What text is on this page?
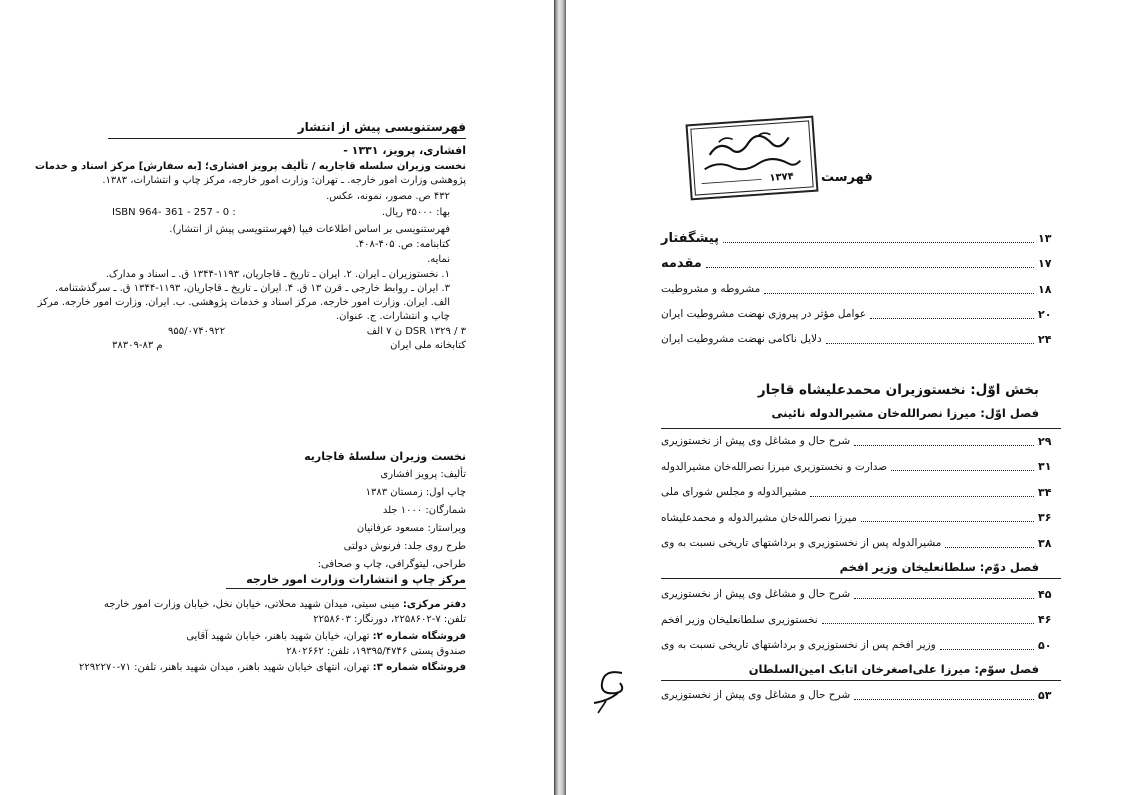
فهرستنویسی پیش از انتشار
افشاری، پرویز، ۱۳۳۱ -
نخست وزیران سلسله قاجاریه / تألیف پرویز افشاری؛ [به سفارش] مرکز اسناد و خدمات
پژوهشی وزارت امور خارجه. ـ تهران: وزارت امور خارجه، مرکز چاپ و انتشارات، ۱۳۸۳.
۴۳۲ ص. مصور، نمونه، عکس.
بها: ۳۵۰۰۰ ریال.
ISBN 964- 361 - 257 - 0 :
فهرستنویسی بر اساس اطلاعات فیپا (فهرستنویسی پیش از انتشار).
کتابنامه: ص. ۴۰۵-۴۰۸.
نمایه.
۱. نخستوزیران ـ ایران. ۲. ایران ـ تاریخ ـ قاجاریان، ۱۱۹۳-۱۳۴۴ ق. ـ اسناد و مدارک.
۳. ایران ـ روابط خارجی ـ قرن ۱۳ ق. ۴. ایران ـ تاریخ ـ قاجاریان، ۱۱۹۳-۱۳۴۴ ق. ـ سرگذشتنامه.
الف. ایران. وزارت امور خارجه. مرکز اسناد و خدمات پژوهشی. ب. ایران. وزارت امور خارجه. مرکز
چاپ و انتشارات. ج. عنوان.
DSR ۱۳۲۹ / ۳ ن ۷ الف
۹۵۵/۰۷۴۰۹۲۲
کتابخانه ملی ایران
م ۸۳-۳۸۳۰۹
نخست وزیران سلسلهٔ قاجاریه
تألیف: پرویز افشاری
چاپ اول: زمستان ۱۳۸۳
شمارگان: ۱۰۰۰ جلد
ویراستار: مسعود عرفانیان
طرح روی جلد: فرنوش دولتی
طراحی، لیتوگرافی، چاپ و صحافی:
مرکز چاپ و انتشارات وزارت امور خارجه
دفتر مرکزی: مینی سیتی، میدان شهید محلاتی، خیابان نخل، خیابان وزارت امور خارجه
تلفن: ۷-۲۲۵۸۶۰۲، دورنگار: ۲۲۵۸۶۰۳
فروشگاه شماره ۲: تهران، خیابان شهید باهنر، خیابان شهید آقایی
صندوق پستی ۱۹۳۹۵/۴۷۴۶، تلفن: ۲۸۰۲۶۶۲
فروشگاه شماره ۳: تهران، انتهای خیابان شهید باهنر، میدان شهید باهنر، تلفن: ۷۱-۲۲۹۲۲۷۰
۱۳۷۴ فهرست
پیشگفتار	۱۳
مقدمه	۱۷
مشروطه و مشروطیت	۱۸
عوامل مؤثر در پیروزی نهضت مشروطیت ایران	۲۰
دلایل ناکامی نهضت مشروطیت ایران	۲۴
بخش اوّل: نخستوزیران محمدعلیشاه قاجار
فصل اوّل: میرزا نصرالله‌خان مشیرالدوله نائینی
شرح حال و مشاغل وی پیش از نخستوزیری	۲۹
صدارت و نخستوزیری میرزا نصرالله‌خان مشیرالدوله	۳۱
مشیرالدوله و مجلس شورای ملی	۳۴
میرزا نصرالله‌خان مشیرالدوله و محمدعلیشاه	۳۶
مشیرالدوله پس از نخستوزیری و برداشتهای تاریخی نسبت به وی	۳۸
فصل دوّم: سلطانعلیخان وزیر افخم
شرح حال و مشاغل وی پیش از نخستوزیری	۴۵
نخستوزیری سلطانعلیخان وزیر افخم	۴۶
وزیر افخم پس از نخستوزیری و برداشتهای تاریخی نسبت به وی	۵۰
فصل سوّم: میرزا علی‌اصغرخان اتابک امین‌السلطان
شرح حال و مشاغل وی پیش از نخستوزیری	۵۳
